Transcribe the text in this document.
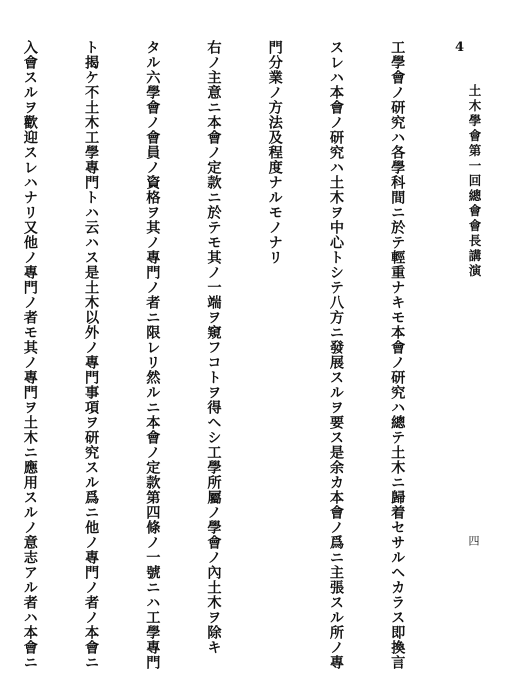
4
土木學會第一回總會會長講演
四

工學會ノ研究ハ各學科間ニ於テ輕重ナキモ本會ノ研究ハ總テ土木ニ歸着セサルヘカラス即換言

スレハ本會ノ研究ハ土木ヲ中心トシテ八方ニ發展スルヲ要ス是余カ本會ノ爲ニ主張スル所ノ專

門分業ノ方法及程度ナルモノナリ

右ノ主意ニ本會ノ定款ニ於テモ其ノ一端ヲ窺フコトヲ得ヘシ工學所屬ノ學會ノ內土木ヲ除キ

タル六學會ノ會員ノ資格ヲ其ノ專門ノ者ニ限レリ然ルニ本會ノ定款第四條ノ一號ニハ工學專門

ト揭ケ不土木工學專門トハ云ハス是土木以外ノ專門事項ヲ研究スル爲ニ他ノ專門ノ者ノ本會ニ

入會スルヲ歡迎スレハナリ又他ノ專門ノ者モ其ノ專門ヲ土木ニ應用スルノ意志アル者ハ本會ニ
